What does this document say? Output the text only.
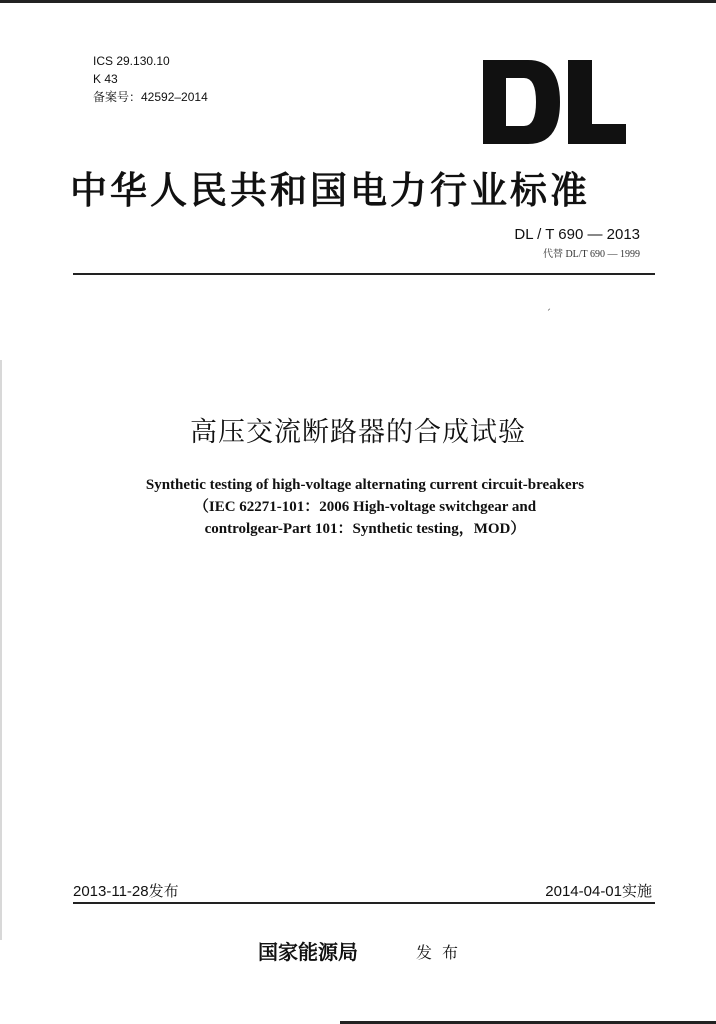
ICS 29.130.10
K 43
备案号：42592–2014
中华人民共和国电力行业标准
DL / T 690 — 2013
代替 DL/T 690 — 1999
ˏ
高压交流断路器的合成试验
Synthetic testing of high-voltage alternating current circuit-breakers
（IEC 62271-101：2006 High-voltage switchgear and
controlgear-Part 101：Synthetic testing，MOD）
2013-11-28发布	2014-04-01实施
国家能源局	发布
